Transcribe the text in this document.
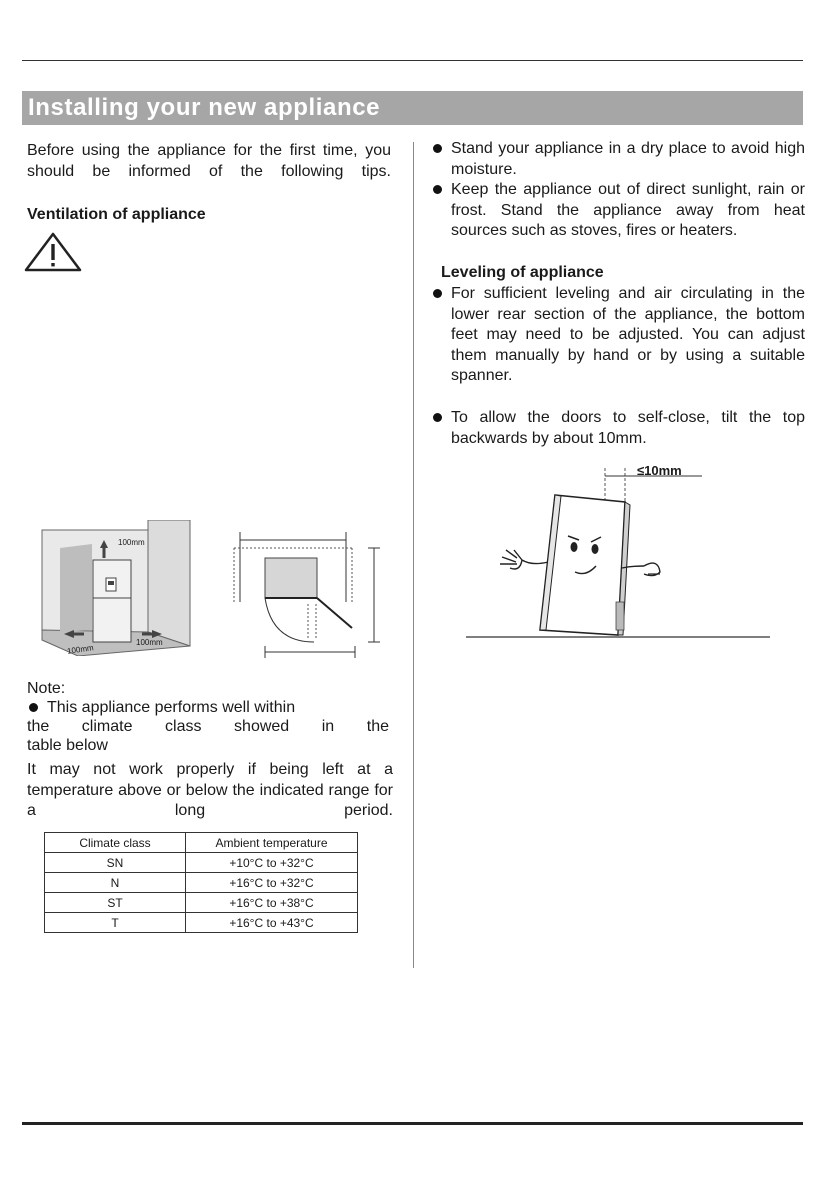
Installing your new appliance

Before using the appliance for the first time, you should be informed of the following tips.

Ventilation of appliance
100mm
100mm
100mm
Note:

This appliance performs well within

the climate class showed in the
table below

It may not work properly if being left at a temperature above or below the indicated range for a long period.

Climate class	Ambient temperature
SN	+10°C to +32°C
N	+16°C to +32°C
ST	+16°C to +38°C
T	+16°C to +43°C

Stand your appliance in a dry place to avoid high moisture.

Keep the appliance out of direct sunlight, rain or frost. Stand the appliance away from heat sources such as stoves, fires or heaters.

Leveling of appliance

For sufficient leveling and air circulating in the lower rear section of the appliance, the bottom feet may need to be adjusted. You can adjust them manually by hand or by using a suitable spanner.

To allow the doors to self-close, tilt the top backwards by about 10mm.

≤10mm
